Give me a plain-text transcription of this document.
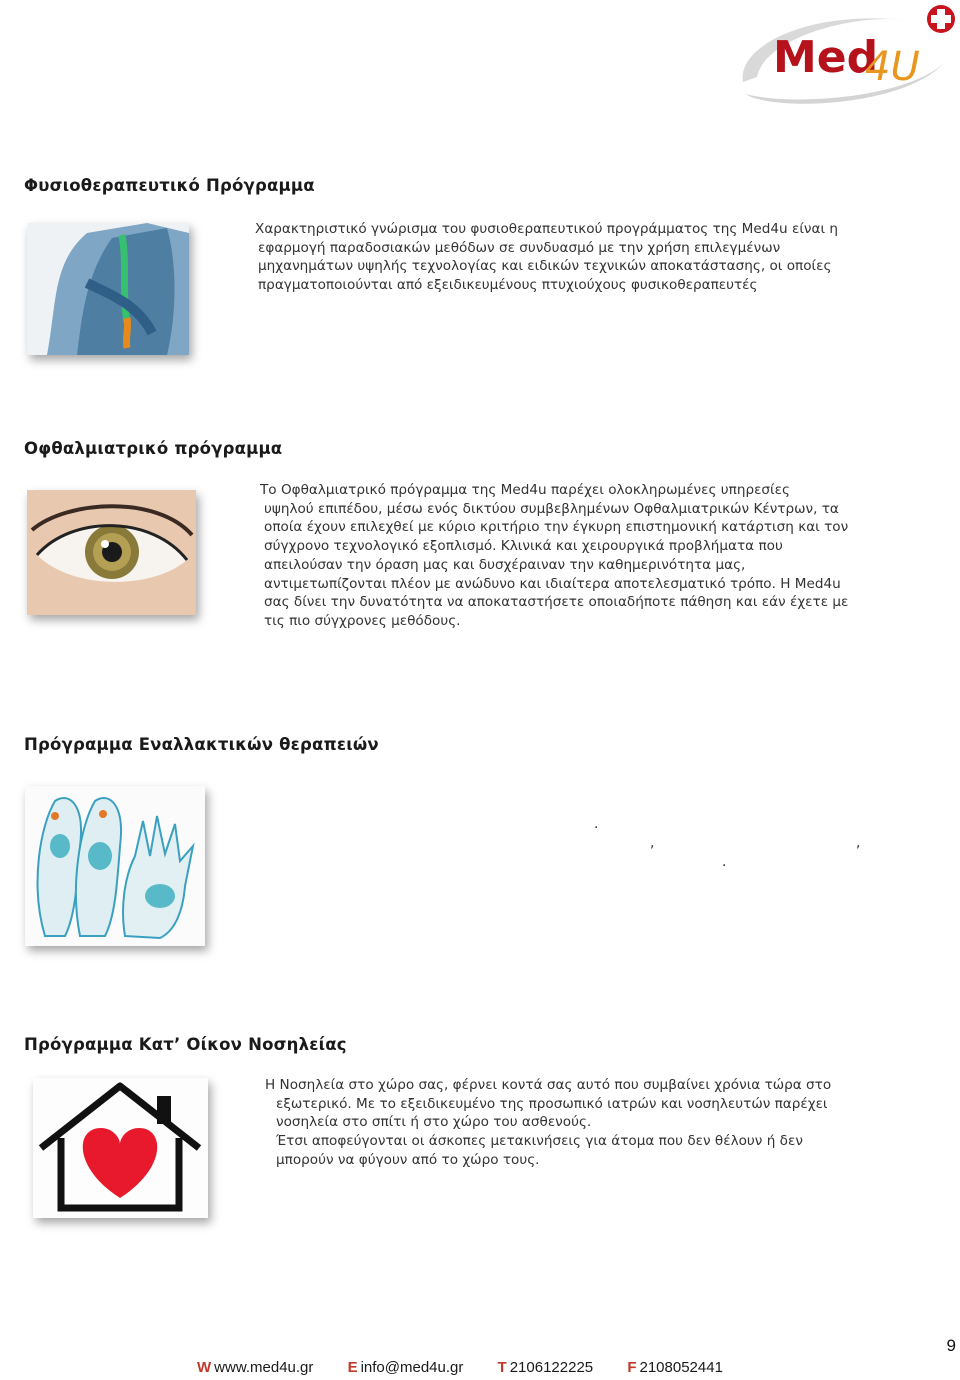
Med
4U
Φυσιοθεραπευτικό Πρόγραμμα

Χαρακτηριστικό γνώρισμα του φυσιοθεραπευτικού προγράμματος της Med4u είναι η

εφαρμογή παραδοσιακών μεθόδων σε συνδυασμό με την χρήση επιλεγμένων

μηχανημάτων υψηλής τεχνολογίας και ειδικών τεχνικών αποκατάστασης, οι οποίες

πραγματοποιούνται από εξειδικευμένους πτυχιούχους φυσικοθεραπευτές

Οφθαλμιατρικό πρόγραμμα

Το Οφθαλμιατρικό πρόγραμμα της Med4u παρέχει ολοκληρωμένες υπηρεσίες

υψηλού επιπέδου, μέσω ενός δικτύου συμβεβλημένων Οφθαλμιατρικών Κέντρων, τα

οποία έχουν επιλεχθεί με κύριο κριτήριο την έγκυρη επιστημονική κατάρτιση και τον

σύγχρονο τεχνολογικό εξοπλισμό. Κλινικά και χειρουργικά προβλήματα που

απειλούσαν την όραση μας και δυσχέραιναν την καθημερινότητα μας,

αντιμετωπίζονται πλέον με ανώδυνο και ιδιαίτερα αποτελεσματικό τρόπο. Η Med4u

σας δίνει την δυνατότητα να αποκαταστήσετε οποιαδήποτε πάθηση και εάν έχετε με

τις πιο σύγχρονες μεθόδους.

Πρόγραμμα Εναλλακτικών θεραπειών
.
,	,
.
Πρόγραμμα Κατ’ Οίκον Νοσηλείας

Η Νοσηλεία στο χώρο σας, φέρνει κοντά σας αυτό που συμβαίνει χρόνια τώρα στο

εξωτερικό. Με το εξειδικευμένο της προσωπικό ιατρών και νοσηλευτών παρέχει

νοσηλεία στο σπίτι ή στο χώρο του ασθενούς.

Έτσι αποφεύγονται οι άσκοπες μετακινήσεις για άτομα που δεν θέλουν ή δεν

μπορούν να φύγουν από το χώρο τους.

9
W www.med4u.gr E info@med4u.gr T 2106122225 F 2108052441
